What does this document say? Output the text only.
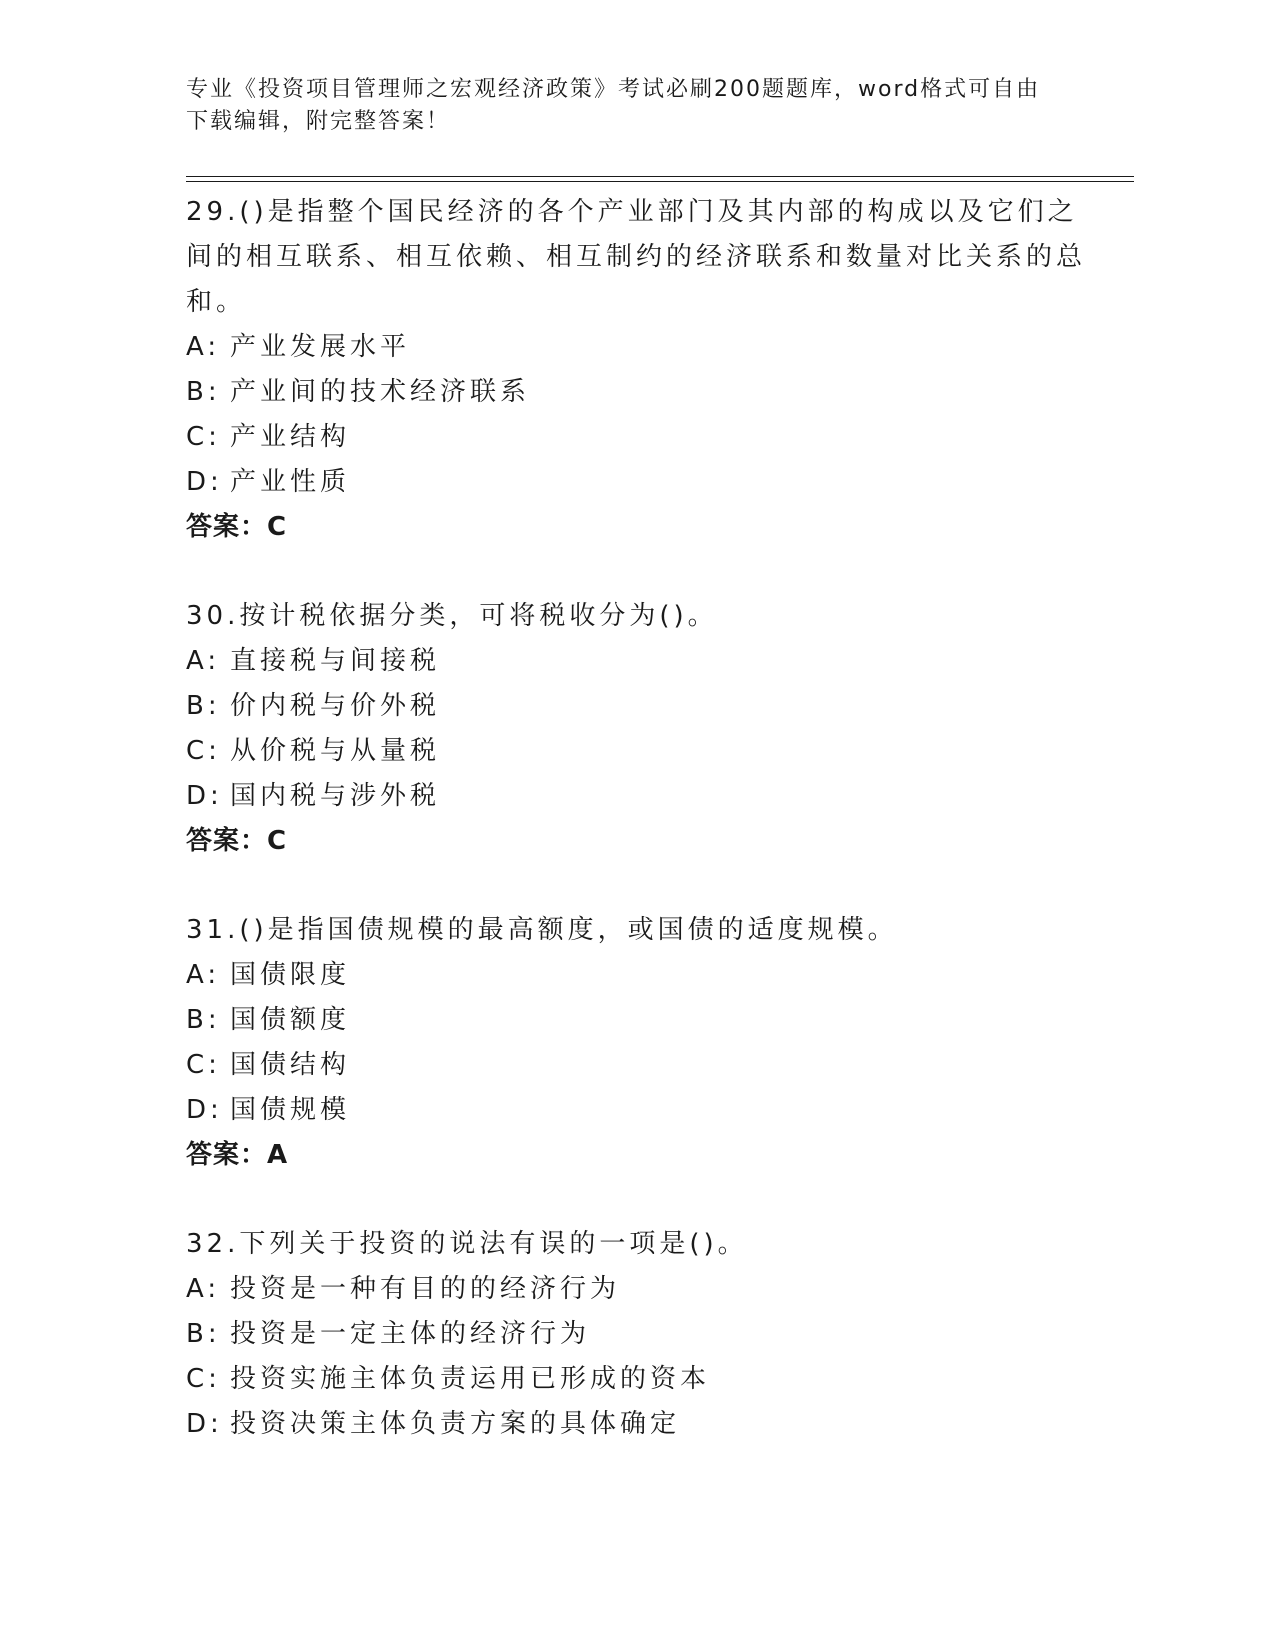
专业《投资项目管理师之宏观经济政策》考试必刷200题题库，word格式可自由
下载编辑，附完整答案！

29.()是指整个国民经济的各个产业部门及其内部的构成以及它们之间的相互联系、相互依赖、相互制约的经济联系和数量对比关系的总和。

A: 产业发展水平

B: 产业间的技术经济联系

C: 产业结构

D: 产业性质

答案：C

30.按计税依据分类，可将税收分为()。

A: 直接税与间接税

B: 价内税与价外税

C: 从价税与从量税

D: 国内税与涉外税

答案：C

31.()是指国债规模的最高额度，或国债的适度规模。

A: 国债限度

B: 国债额度

C: 国债结构

D: 国债规模

答案：A

32.下列关于投资的说法有误的一项是()。

A: 投资是一种有目的的经济行为

B: 投资是一定主体的经济行为

C: 投资实施主体负责运用已形成的资本

D: 投资决策主体负责方案的具体确定
